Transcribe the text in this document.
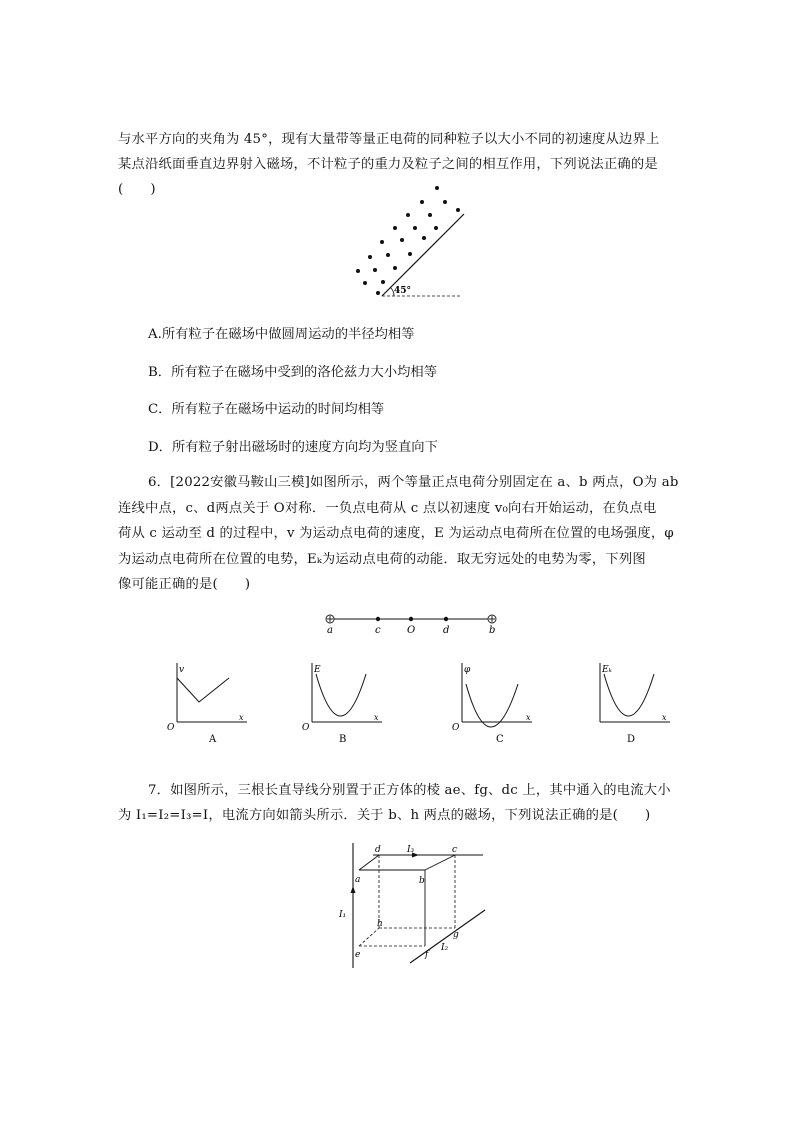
与水平方向的夹角为 45°，现有大量带等量正电荷的同种粒子以大小不同的初速度从边界上
某点沿纸面垂直边界射入磁场，不计粒子的重力及粒子之间的相互作用，下列说法正确的是
(　　)
45°
A.所有粒子在磁场中做圆周运动的半径均相等
B．所有粒子在磁场中受到的洛伦兹力大小均相等
C．所有粒子在磁场中运动的时间均相等
D．所有粒子射出磁场时的速度方向均为竖直向下
6．[2022安徽马鞍山三模]如图所示，两个等量正点电荷分别固定在 a、b 两点，O为 ab
连线中点，c、d两点关于 O对称．一负点电荷从 c 点以初速度 v₀向右开始运动，在负点电
荷从 c 运动至 d 的过程中，v 为运动点电荷的速度，E 为运动点电荷所在位置的电场强度，φ
为运动点电荷所在位置的电势，Eₖ为运动点电荷的动能．取无穷远处的电势为零，下列图
像可能正确的是(　　)
a	c	O	d	b
v
x
O
A
E
x
O
B
φ
x
O
C
Eₖ
x
D
7．如图所示，三根长直导线分别置于正方体的棱 ae、fg、dc 上，其中通入的电流大小
为 I₁=I₂=I₃=I，电流方向如箭头所示．关于 b、h 两点的磁场，下列说法正确的是(　　)
d	I₃	c
a	b
I₁
h
g
e	f
I₂
